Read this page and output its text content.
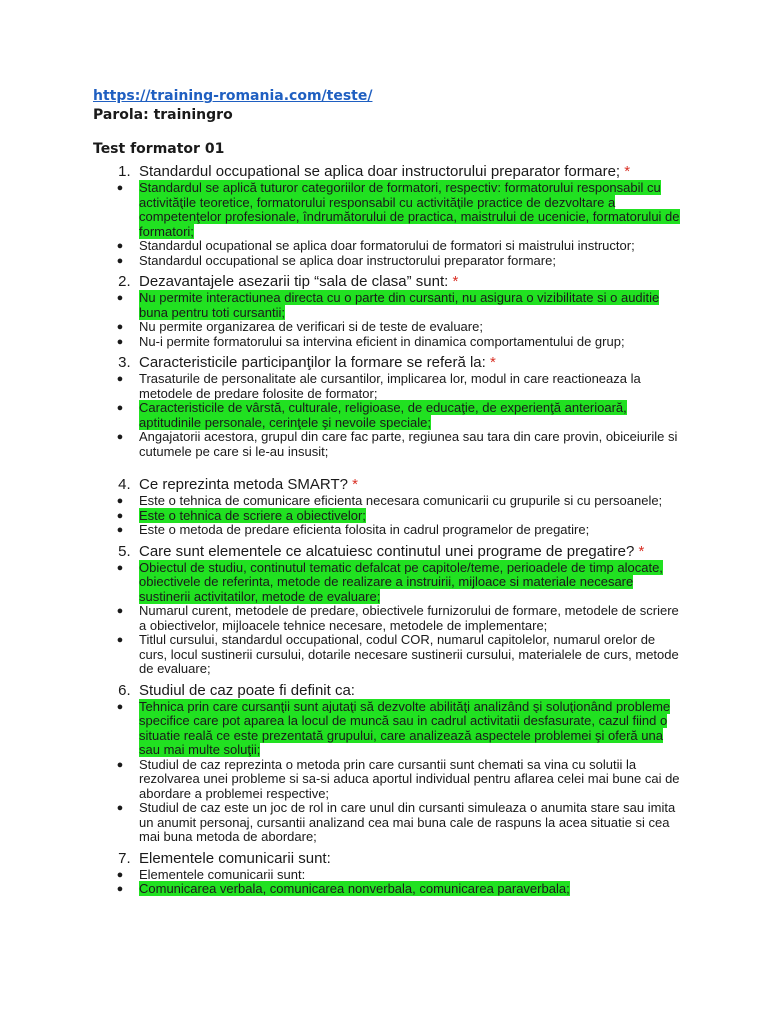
https://training-romania.com/teste/
Parola: trainingro
Test formator 01
1. Standardul occupational se aplica doar instructorului preparator formare; *
●	Standardul se aplică tuturor categoriilor de formatori, respectiv: formatorului responsabil cu activităţile teoretice, formatorului responsabil cu activităţile practice de dezvoltare a competenţelor profesionale, îndrumătorului de practica, maistrului de ucenicie, formatorului de formatori;
●	Standardul ocupational se aplica doar formatorului de formatori si maistrului instructor;
●	Standardul occupational se aplica doar instructorului preparator formare;
2. Dezavantajele asezarii tip “sala de clasa” sunt: *
●	Nu permite interactiunea directa cu o parte din cursanti, nu asigura o vizibilitate si o auditie buna pentru toti cursantii;
●	Nu permite organizarea de verificari si de teste de evaluare;
●	Nu-i permite formatorului sa intervina eficient in dinamica comportamentului de grup;
3. Caracteristicile participanţilor la formare se referă la: *
●	Trasaturile de personalitate ale cursantilor, implicarea lor, modul in care reactioneaza la metodele de predare folosite de formator;
●	Caracteristicile de vârstă, culturale, religioase, de educaţie, de experienţă anterioară, aptitudinile personale, cerinţele şi nevoile speciale;
●	Angajatorii acestora, grupul din care fac parte, regiunea sau tara din care provin, obiceiurile si cutumele pe care si le-au insusit;
4. Ce reprezinta metoda SMART? *
●	Este o tehnica de comunicare eficienta necesara comunicarii cu grupurile si cu persoanele;
●	Este o tehnica de scriere a obiectivelor;
●	Este o metoda de predare eficienta folosita in cadrul programelor de pregatire;
5. Care sunt elementele ce alcatuiesc continutul unei programe de pregatire? *
●	Obiectul de studiu, continutul tematic defalcat pe capitole/teme, perioadele de timp alocate, obiectivele de referinta, metode de realizare a instruirii, mijloace si materiale necesare sustinerii activitatilor, metode de evaluare;
●	Numarul curent, metodele de predare, obiectivele furnizorului de formare, metodele de scriere a obiectivelor, mijloacele tehnice necesare, metodele de implementare;
●	Titlul cursului, standardul occupational, codul COR, numarul capitolelor, numarul orelor de curs, locul sustinerii cursului, dotarile necesare sustinerii cursului, materialele de curs, metode de evaluare;
6. Studiul de caz poate fi definit ca:
●	Tehnica prin care cursanţii sunt ajutaţi să dezvolte abilităţi analizând şi soluţionând probleme specifice care pot aparea la locul de muncă sau in cadrul activitatii desfasurate, cazul fiind o situatie reală ce este prezentată grupului, care analizează aspectele problemei şi oferă una sau mai multe soluţii;
●	Studiul de caz reprezinta o metoda prin care cursantii sunt chemati sa vina cu solutii la rezolvarea unei probleme si sa-si aduca aportul individual pentru aflarea celei mai bune cai de abordare a problemei respective;
●	Studiul de caz este un joc de rol in care unul din cursanti simuleaza o anumita stare sau imita un anumit personaj, cursantii analizand cea mai buna cale de raspuns la acea situatie si cea mai buna metoda de abordare;
7. Elementele comunicarii sunt:
●	Elementele comunicarii sunt:
●	Comunicarea verbala, comunicarea nonverbala, comunicarea paraverbala;
